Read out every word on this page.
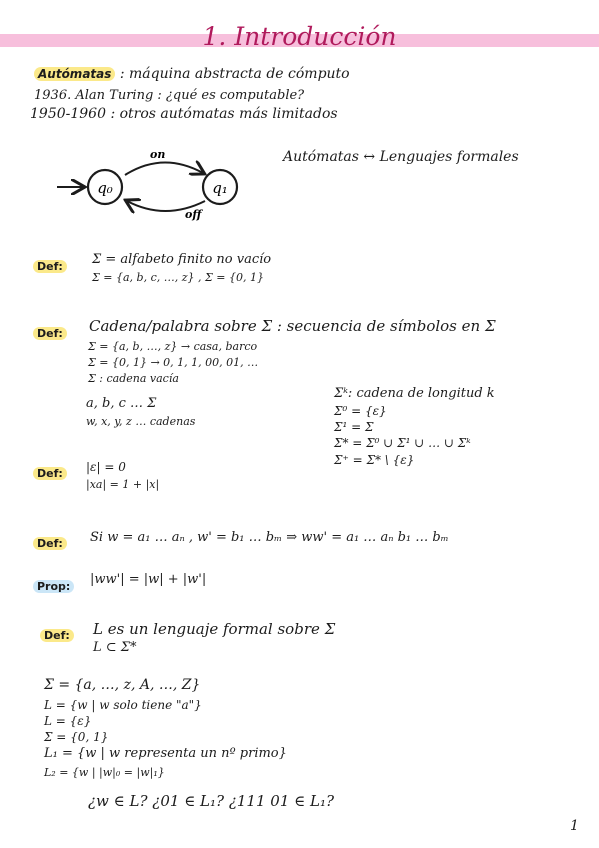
1. Introducción
Autómatas : máquina abstracta de cómputo
1936. Alan Turing : ¿qué es computable?
1950-1960 : otros autómatas más limitados
Autómatas ↔ Lenguajes formales
q₀	q₁
on
off
Def:	Σ = alfabeto finito no vacío
Σ = {a, b, c, …, z} , Σ = {0, 1}
Def: Cadena/palabra sobre Σ : secuencia de símbolos en Σ
Σ = {a, b, …, z} → casa, barco
Σ = {0, 1} → 0, 1, 1, 00, 01, …
Σ : cadena vacía
a, b, c … Σ
w, x, y, z … cadenas
Σᵏ: cadena de longitud k
Σ⁰ = {ε}
Σ¹ = Σ
Σ* = Σ⁰ ∪ Σ¹ ∪ … ∪ Σᵏ
Σ⁺ = Σ* \ {ε}
Def:	|ε| = 0
|xa| = 1 + |x|
Def:	Si w = a₁ … aₙ , w' = b₁ … bₘ ⇒ ww' = a₁ … aₙ b₁ … bₘ
Prop:	|ww'| = |w| + |w'|
Def: L es un lenguaje formal sobre Σ
L ⊂ Σ*
Σ = {a, …, z, A, …, Z}
L = {w | w solo tiene "a"}
L = {ε}
Σ = {0, 1}
L₁ = {w | w representa un nº primo}
L₂ = {w | |w|₀ = |w|₁}
¿w ∈ L? ¿01 ∈ L₁? ¿111 01 ∈ L₁?
1
